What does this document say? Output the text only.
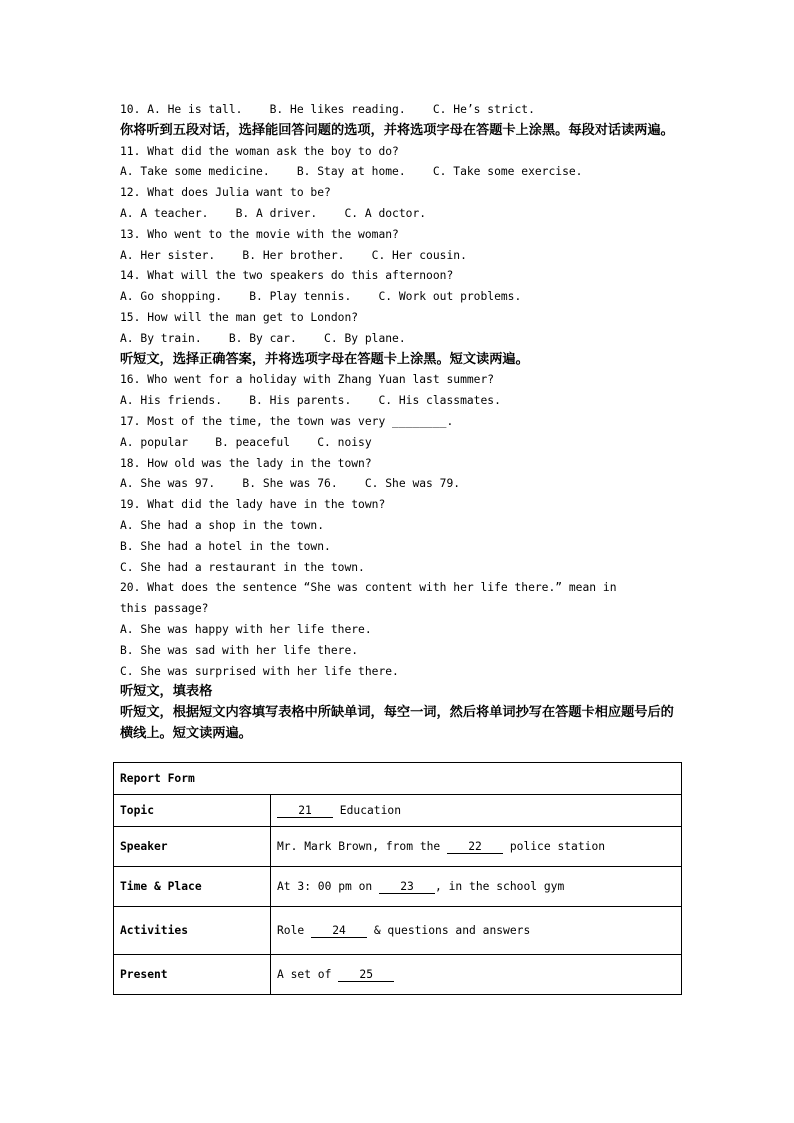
10. A. He is tall.    B. He likes reading.    C. He’s strict.
你将听到五段对话，选择能回答问题的选项，并将选项字母在答题卡上涂黑。每段对话读两遍。
11. What did the woman ask the boy to do?
A. Take some medicine.    B. Stay at home.    C. Take some exercise.
12. What does Julia want to be?
A. A teacher.    B. A driver.    C. A doctor.
13. Who went to the movie with the woman?
A. Her sister.    B. Her brother.    C. Her cousin.
14. What will the two speakers do this afternoon?
A. Go shopping.    B. Play tennis.    C. Work out problems.
15. How will the man get to London?
A. By train.    B. By car.    C. By plane.
听短文，选择正确答案，并将选项字母在答题卡上涂黑。短文读两遍。
16. Who went for a holiday with Zhang Yuan last summer?
A. His friends.    B. His parents.    C. His classmates.
17. Most of the time, the town was very ________.
A. popular    B. peaceful    C. noisy
18. How old was the lady in the town?
A. She was 97.    B. She was 76.    C. She was 79.
19. What did the lady have in the town?
A. She had a shop in the town.
B. She had a hotel in the town.
C. She had a restaurant in the town.
20. What does the sentence “She was content with her life there.” mean in
this passage?
A. She was happy with her life there.
B. She was sad with her life there.
C. She was surprised with her life there.
听短文，填表格
听短文，根据短文内容填写表格中所缺单词，每空一词，然后将单词抄写在答题卡相应题号后的横线上。短文读两遍。
Report Form	
Topic	21 Education
Speaker	Mr. Mark Brown, from the 22 police station
Time & Place	At 3: 00 pm on 23 , in the school gym
Activities	Role 24 & questions and answers
Present	A set of 25
